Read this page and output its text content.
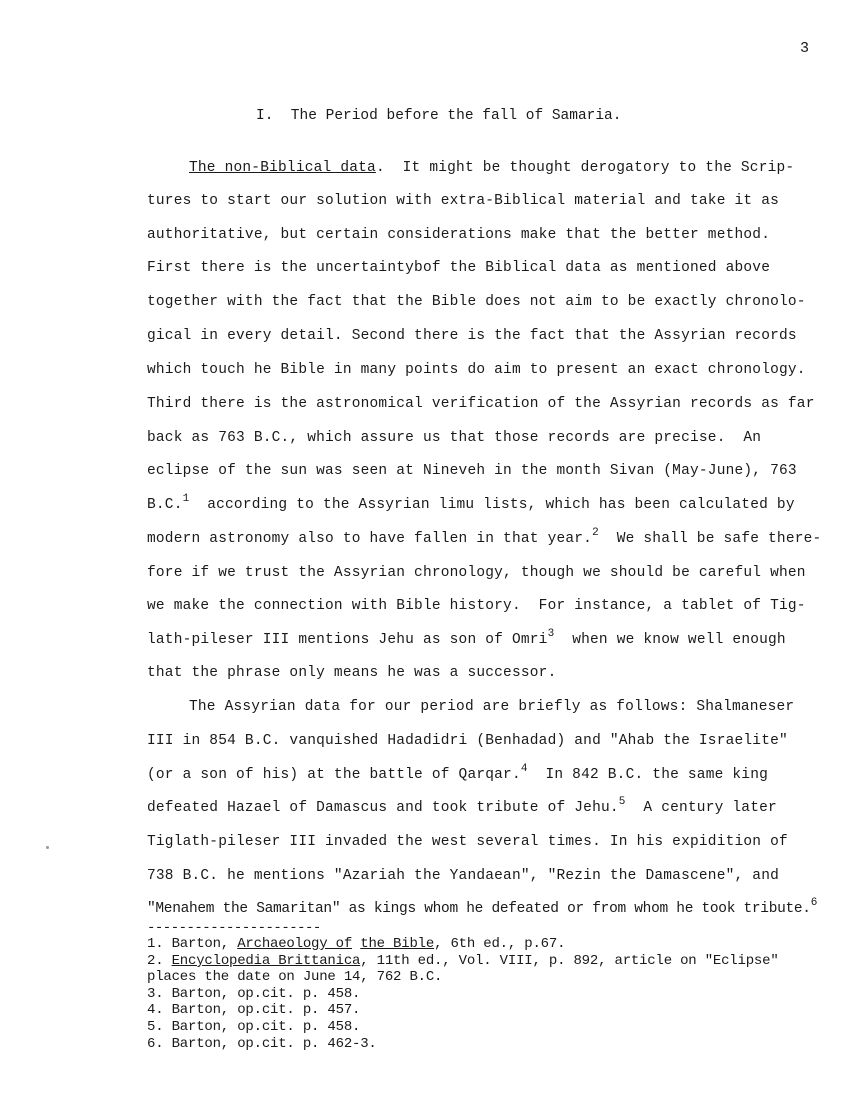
3
I.  The Period before the fall of Samaria.
The non-Biblical data.  It might be thought derogatory to the Scrip-
tures to start our solution with extra-Biblical material and take it as
authoritative, but certain considerations make that the better method.
First there is the uncertaintybof the Biblical data as mentioned above
together with the fact that the Bible does not aim to be exactly chronolo-
gical in every detail. Second there is the fact that the Assyrian records
which touch he Bible in many points do aim to present an exact chronology.
Third there is the astronomical verification of the Assyrian records as far
back as 763 B.C., which assure us that those records are precise.  An
eclipse of the sun was seen at Nineveh in the month Sivan (May-June), 763
B.C.$^1$  according to the Assyrian limu lists, which has been calculated by
modern astronomy also to have fallen in that year.$^2$  We shall be safe there-
fore if we trust the Assyrian chronology, though we should be careful when
we make the connection with Bible history.  For instance, a tablet of Tig-
lath-pileser III mentions Jehu as son of Omri$^3$  when we know well enough
that the phrase only means he was a successor.
The Assyrian data for our period are briefly as follows: Shalmaneser
III in 854 B.C. vanquished Hadadidri (Benhadad) and "Ahab the Israelite"
(or a son of his) at the battle of Qarqar.$^4$  In 842 B.C. the same king
defeated Hazael of Damascus and took tribute of Jehu.$^5$  A century later
Tiglath-pileser III invaded the west several times. In his expidition of
738 B.C. he mentions "Azariah the Yandaean", "Rezin the Damascene", and
"Menahem the Samaritan" as kings whom he defeated or from whom he took tribute.$^6$
----------------------
1. Barton, Archaeology of the Bible, 6th ed., p.67.
2. Encyclopedia Brittanica, 11th ed., Vol. VIII, p. 892, article on "Eclipse"
places the date on June 14, 762 B.C.
3. Barton, op.cit. p. 458.
4. Barton, op.cit. p. 457.
5. Barton, op.cit. p. 458.
6. Barton, op.cit. p. 462-3.
